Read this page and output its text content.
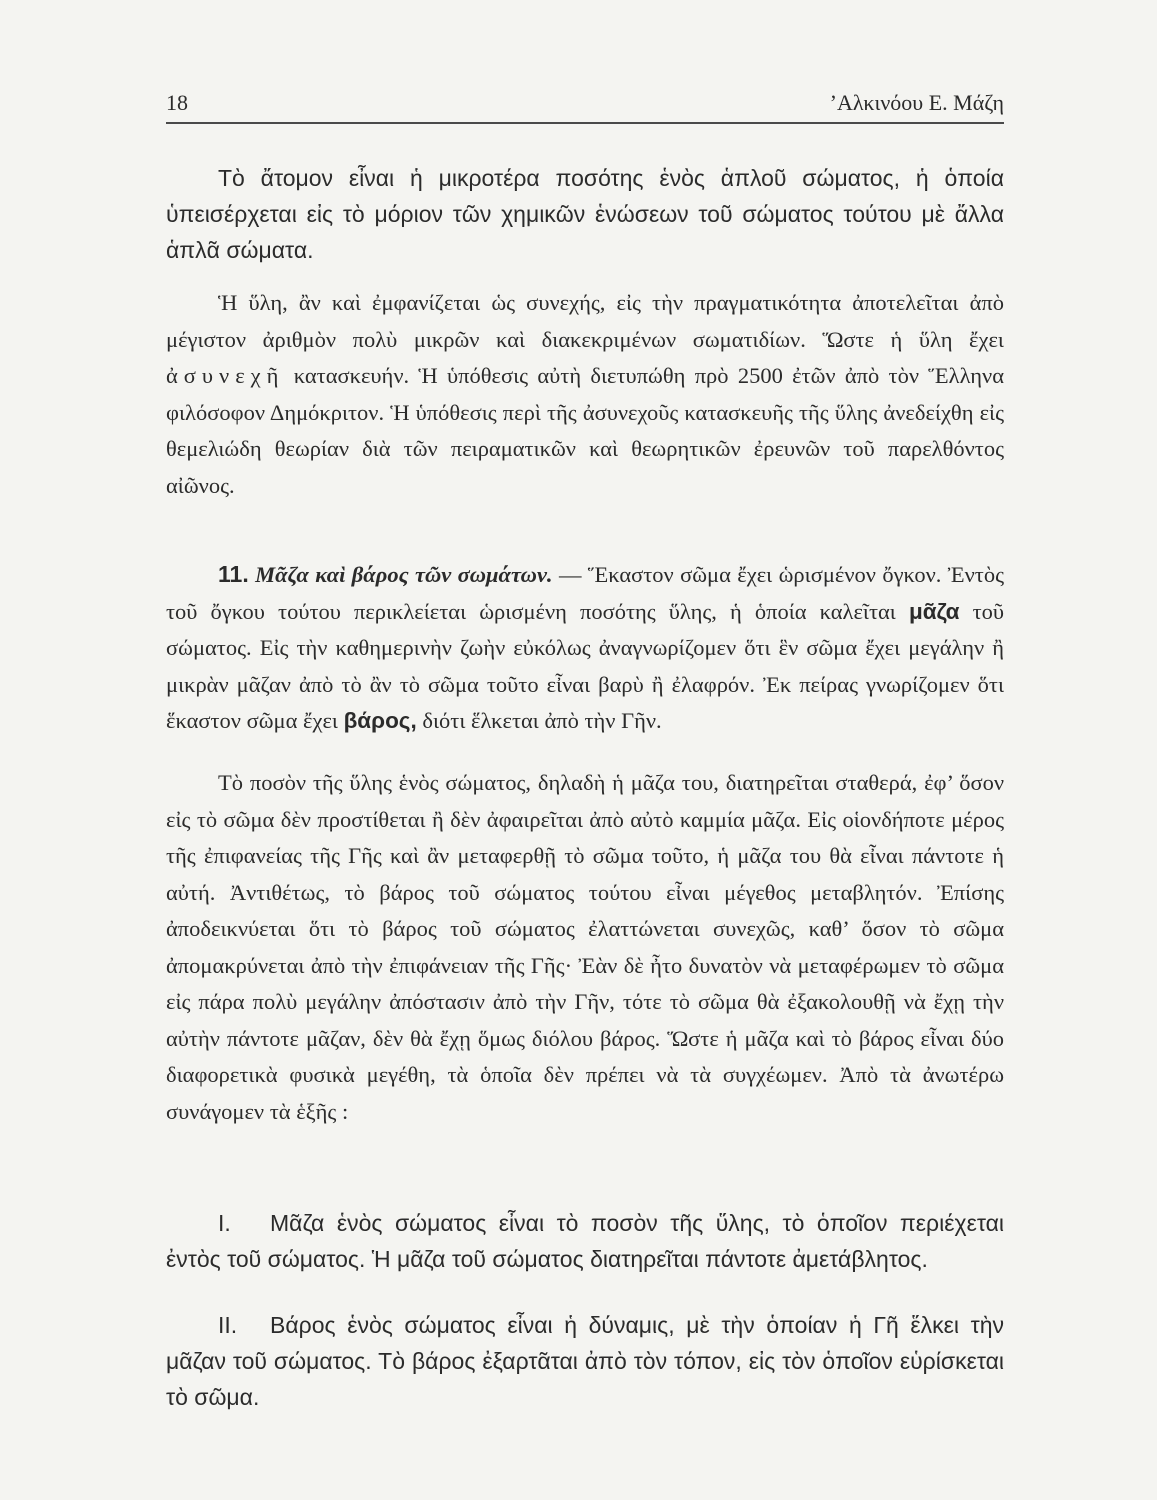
18	’Αλκινόου Ε. Μάζη

Τὸ ἄτομον εἶναι ἡ μικροτέρα ποσότης ἑνὸς ἁπλοῦ σώματος, ἡ ὁποία ὑπεισέρχεται εἰς τὸ μόριον τῶν χημικῶν ἑνώσεων τοῦ σώματος τούτου μὲ ἄλλα ἁπλᾶ σώματα.

Ἡ ὕλη, ἂν καὶ ἐμφανίζεται ὡς συνεχής, εἰς τὴν πραγματικότητα ἀποτελεῖται ἀπὸ μέγιστον ἀριθμὸν πολὺ μικρῶν καὶ διακεκριμένων σωματιδίων. Ὥστε ἡ ὕλη ἔχει ἀσυνεχῆ κατασκευήν. Ἡ ὑπόθεσις αὐτὴ διετυπώθη πρὸ 2500 ἐτῶν ἀπὸ τὸν Ἕλληνα φιλόσοφον Δημόκριτον. Ἡ ὑπόθεσις περὶ τῆς ἀσυνεχοῦς κατασκευῆς τῆς ὕλης ἀνεδείχθη εἰς θεμελιώδη θεωρίαν διὰ τῶν πειραματικῶν καὶ θεωρητικῶν ἐρευνῶν τοῦ παρελθόντος αἰῶνος.

11. Μᾶζα καὶ βάρος τῶν σωμάτων. — Ἕκαστον σῶμα ἔχει ὡρισμένον ὄγκον. Ἐντὸς τοῦ ὄγκου τούτου περικλείεται ὡρισμένη ποσότης ὕλης, ἡ ὁποία καλεῖται μᾶζα τοῦ σώματος. Εἰς τὴν καθημερινὴν ζωὴν εὐκόλως ἀναγνωρίζομεν ὅτι ἓν σῶμα ἔχει μεγάλην ἢ μικρὰν μᾶζαν ἀπὸ τὸ ἂν τὸ σῶμα τοῦτο εἶναι βαρὺ ἢ ἐλαφρόν. Ἐκ πείρας γνωρίζομεν ὅτι ἕκαστον σῶμα ἔχει βάρος, διότι ἕλκεται ἀπὸ τὴν Γῆν.

Τὸ ποσὸν τῆς ὕλης ἑνὸς σώματος, δηλαδὴ ἡ μᾶζα του, διατηρεῖται σταθερά, ἐφ’ ὅσον εἰς τὸ σῶμα δὲν προστίθεται ἢ δὲν ἀφαιρεῖται ἀπὸ αὐτὸ καμμία μᾶζα. Εἰς οἱονδήποτε μέρος τῆς ἐπιφανείας τῆς Γῆς καὶ ἂν μεταφερθῇ τὸ σῶμα τοῦτο, ἡ μᾶζα του θὰ εἶναι πάντοτε ἡ αὐτή. Ἀντιθέτως, τὸ βάρος τοῦ σώματος τούτου εἶναι μέγεθος μεταβλητόν. Ἐπίσης ἀποδεικνύεται ὅτι τὸ βάρος τοῦ σώματος ἐλαττώνεται συνεχῶς, καθ’ ὅσον τὸ σῶμα ἀπομακρύνεται ἀπὸ τὴν ἐπιφάνειαν τῆς Γῆς· Ἐὰν δὲ ἦτο δυνατὸν νὰ μεταφέρωμεν τὸ σῶμα εἰς πάρα πολὺ μεγάλην ἀπόστασιν ἀπὸ τὴν Γῆν, τότε τὸ σῶμα θὰ ἐξακολουθῇ νὰ ἔχῃ τὴν αὐτὴν πάντοτε μᾶζαν, δὲν θὰ ἔχῃ ὅμως διόλου βάρος. Ὥστε ἡ μᾶζα καὶ τὸ βάρος εἶναι δύο διαφορετικὰ φυσικὰ μεγέθη, τὰ ὁποῖα δὲν πρέπει νὰ τὰ συγχέωμεν. Ἀπὸ τὰ ἀνωτέρω συνάγομεν τὰ ἑξῆς :

I. Μᾶζα ἑνὸς σώματος εἶναι τὸ ποσὸν τῆς ὕλης, τὸ ὁποῖον περιέχεται ἐντὸς τοῦ σώματος. Ἡ μᾶζα τοῦ σώματος διατηρεῖται πάντοτε ἀμετάβλητος.

II. Βάρος ἑνὸς σώματος εἶναι ἡ δύναμις, μὲ τὴν ὁποίαν ἡ Γῆ ἕλκει τὴν μᾶζαν τοῦ σώματος. Τὸ βάρος ἐξαρτᾶται ἀπὸ τὸν τόπον, εἰς τὸν ὁποῖον εὑρίσκεται τὸ σῶμα.
